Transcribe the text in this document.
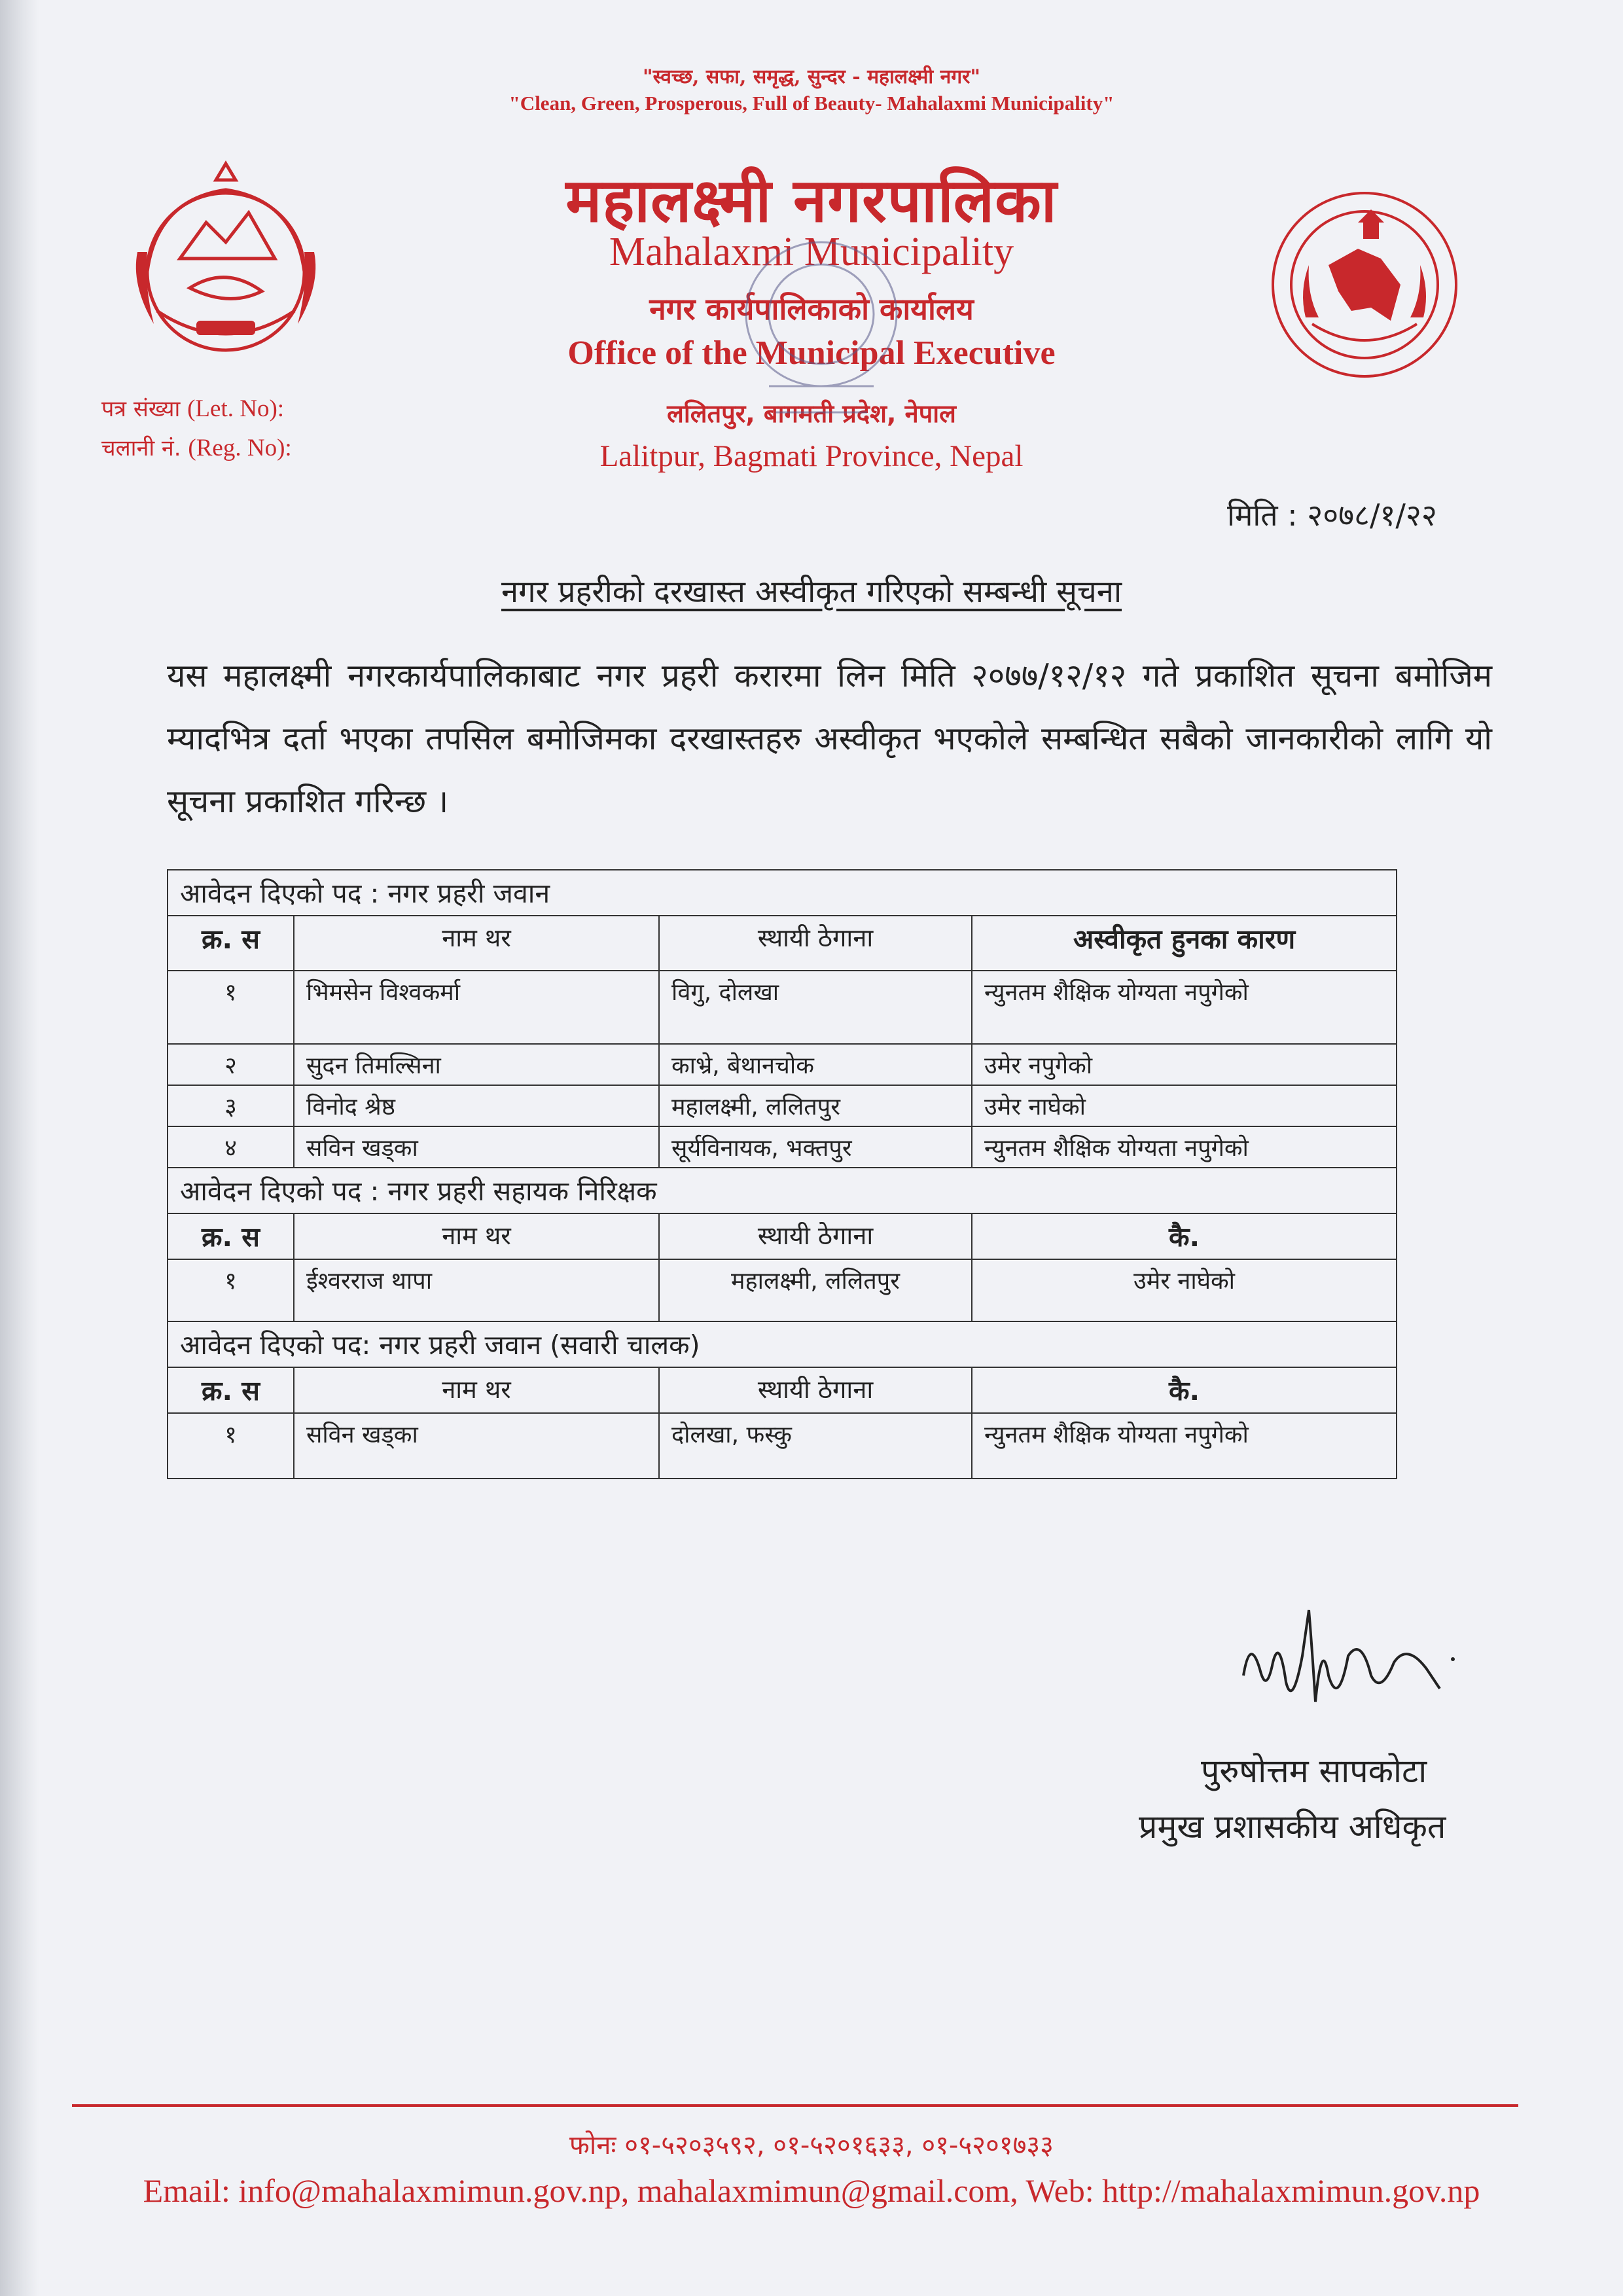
"स्वच्छ, सफा, समृद्ध, सुन्दर - महालक्ष्मी नगर"
"Clean, Green, Prosperous, Full of Beauty- Mahalaxmi Municipality"
महालक्ष्मी नगरपालिका
Mahalaxmi Municipality
नगर कार्यपालिकाको कार्यालय
Office of the Municipal Executive
ललितपुर, बागमती प्रदेश, नेपाल
Lalitpur, Bagmati Province, Nepal
पत्र संख्या (Let. No):
चलानी नं. (Reg. No):
मिति : २०७८/१/२२
नगर प्रहरीको दरखास्त अस्वीकृत गरिएको सम्बन्धी सूचना
यस महालक्ष्मी नगरकार्यपालिकाबाट नगर प्रहरी करारमा लिन मिति २०७७/१२/१२ गते प्रकाशित सूचना बमोजिम म्यादभित्र दर्ता भएका तपसिल बमोजिमका दरखास्तहरु अस्वीकृत भएकोले सम्बन्धित सबैको जानकारीको लागि यो सूचना प्रकाशित गरिन्छ ।
आवेदन दिएको पद : नगर प्रहरी जवान			
क्र. स	नाम थर	स्थायी ठेगाना	अस्वीकृत हुनका कारण
१	भिमसेन विश्वकर्मा	विगु, दोलखा	न्युनतम शैक्षिक योग्यता नपुगेको
२	सुदन तिमल्सिना	काभ्रे, बेथानचोक	उमेर नपुगेको
३	विनोद श्रेष्ठ	महालक्ष्मी, ललितपुर	उमेर नाघेको
४	सविन खड्का	सूर्यविनायक, भक्तपुर	न्युनतम शैक्षिक योग्यता नपुगेको
आवेदन दिएको पद : नगर प्रहरी सहायक निरिक्षक			
क्र. स	नाम थर	स्थायी ठेगाना	कै.
१	ईश्वरराज थापा	महालक्ष्मी, ललितपुर	उमेर नाघेको
आवेदन दिएको पद: नगर प्रहरी जवान (सवारी चालक)			
क्र. स	नाम थर	स्थायी ठेगाना	कै.
१	सविन खड्का	दोलखा, फस्कु	न्युनतम शैक्षिक योग्यता नपुगेको
पुरुषोत्तम सापकोटा
प्रमुख प्रशासकीय अधिकृत
फोनः ०१-५२०३५९२, ०१-५२०१६३३, ०१-५२०१७३३
Email: info@mahalaxmimun.gov.np, mahalaxmimun@gmail.com, Web: http://mahalaxmimun.gov.np
